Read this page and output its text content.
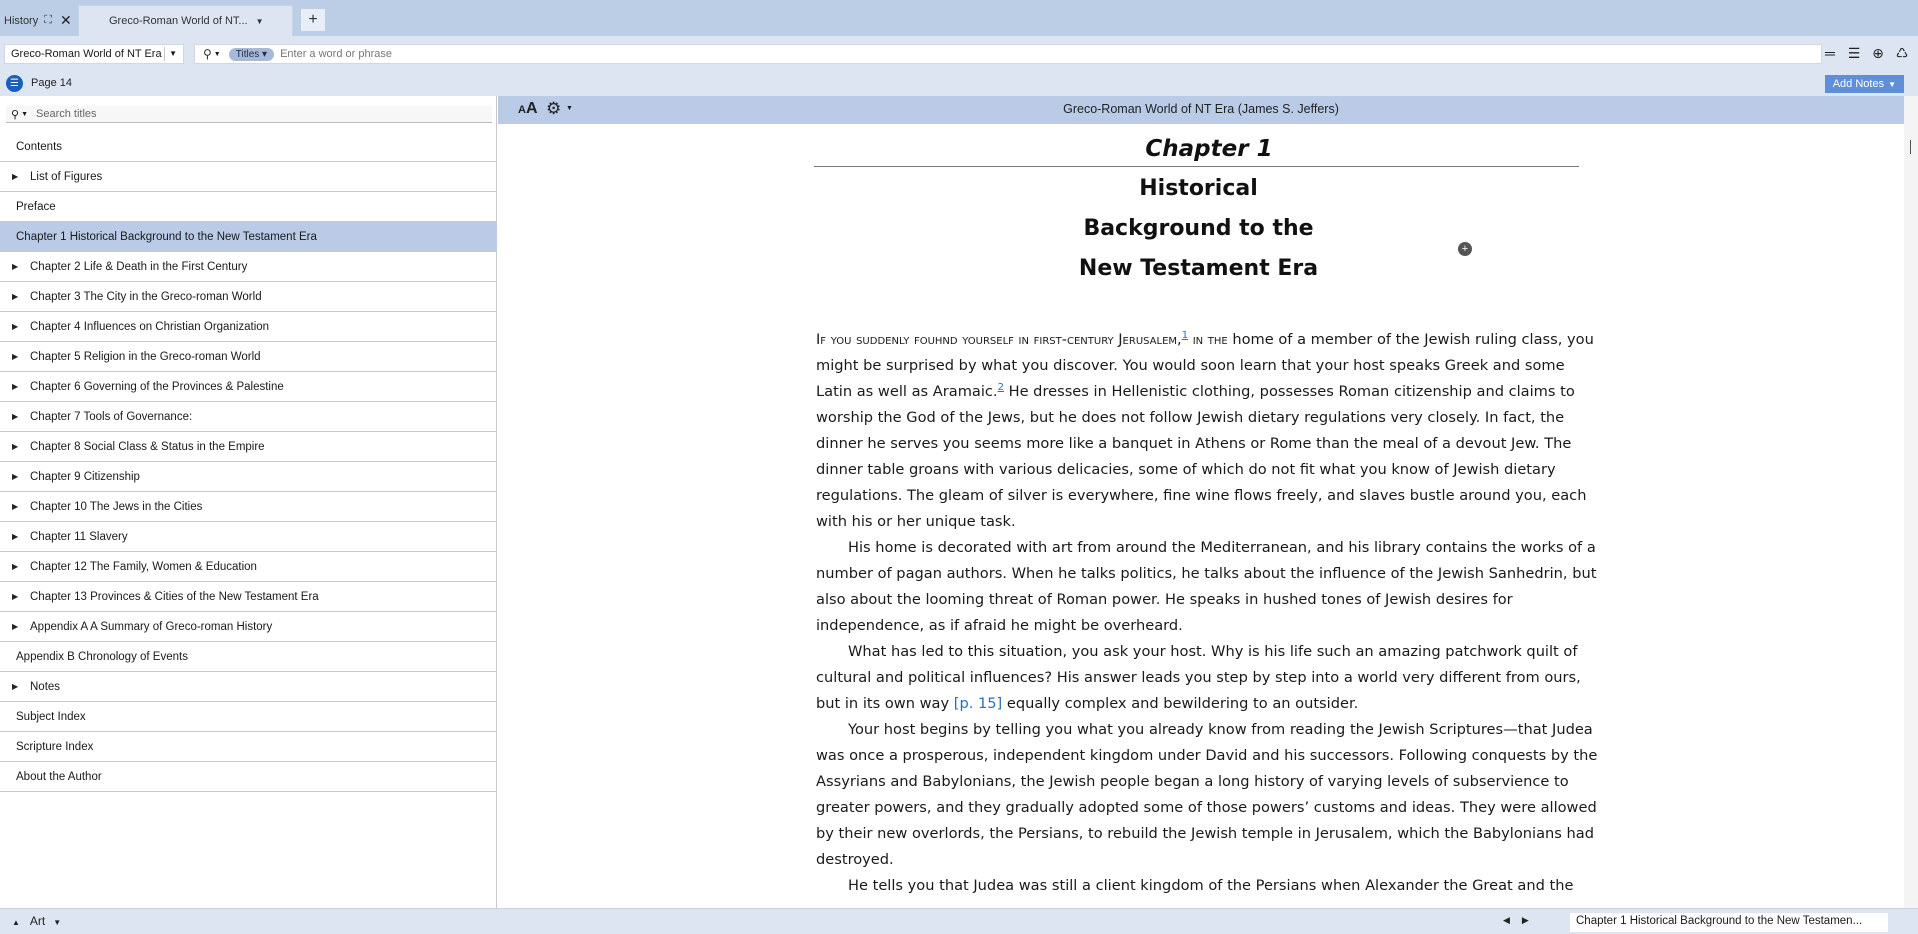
History ⛶ ✕	Greco-Roman World of NT... ▼	+
Greco-Roman World of NT Era ▼ ⚲ ▼	Titles ▾
Enter a word or phrase	═ ☰ ⊕ ♺
☰	Page 14	Add Notes ▼
⚲ ▼
Search titles
Contents
▶ List of Figures
Preface
Chapter 1 Historical Background to the New Testament Era
▶ Chapter 2 Life & Death in the First Century
▶ Chapter 3 The City in the Greco-roman World
▶ Chapter 4 Influences on Christian Organization
▶ Chapter 5 Religion in the Greco-roman World
▶ Chapter 6 Governing of the Provinces & Palestine
▶ Chapter 7 Tools of Governance:
▶ Chapter 8 Social Class & Status in the Empire
▶ Chapter 9 Citizenship
▶ Chapter 10 The Jews in the Cities
▶ Chapter 11 Slavery
▶ Chapter 12 The Family, Women & Education
▶ Chapter 13 Provinces & Cities of the New Testament Era
▶ Appendix A A Summary of Greco-roman History
Appendix B Chronology of Events
▶ Notes
Subject Index
Scripture Index
About the Author
Greco-Roman World of NT Era (James S. Jeffers)
AA ⚙ ▼
Chapter 1
Historical
Background to the
New Testament Era

If you suddenly fouhnd yourself in first-century Jerusalem,$^1$ in the home of a member of the Jewish ruling class, you might be surprised by what you discover. You would soon learn that your host speaks Greek and some Latin as well as Aramaic.$^2$ He dresses in Hellenistic clothing, possesses Roman citizenship and claims to worship the God of the Jews, but he does not follow Jewish dietary regulations very closely. In fact, the dinner he serves you seems more like a banquet in Athens or Rome than the meal of a devout Jew. The dinner table groans with various delicacies, some of which do not fit what you know of Jewish dietary regulations. The gleam of silver is everywhere, fine wine flows freely, and slaves bustle around you, each with his or her unique task.

His home is decorated with art from around the Mediterranean, and his library contains the works of a number of pagan authors. When he talks politics, he talks about the influence of the Jewish Sanhedrin, but also about the looming threat of Roman power. He speaks in hushed tones of Jewish desires for independence, as if afraid he might be overheard.

What has led to this situation, you ask your host. Why is his life such an amazing patchwork quilt of cultural and political influences? His answer leads you step by step into a world very different from ours, but in its own way [p. 15] equally complex and bewildering to an outsider.

Your host begins by telling you what you already know from reading the Jewish Scriptures—that Judea was once a prosperous, independent kingdom under David and his successors. Following conquests by the Assyrians and Babylonians, the Jewish people began a long history of varying levels of subservience to greater powers, and they gradually adopted some of those powers’ customs and ideas. They were allowed by their new overlords, the Persians, to rebuild the Jewish temple in Jerusalem, which the Babylonians had destroyed.

He tells you that Judea was still a client kingdom of the Persians when Alexander the Great and the

+
▲ Art ▼	◀▶	Chapter 1 Historical Background to the New Testamen...
